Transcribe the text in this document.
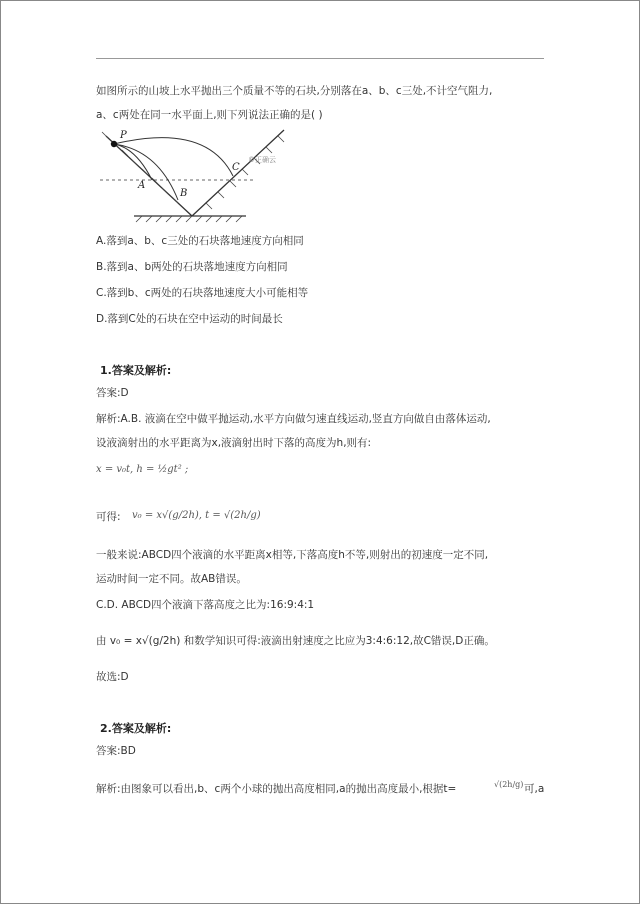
如图所示的山坡上水平抛出三个质量不等的石块,分别落在a、b、c三处,不计空气阻力,
a、c两处在同一水平面上,则下列说法正确的是( )
P
A
B
C
©正确云
A.落到a、b、c三处的石块落地速度方向相同
B.落到a、b两处的石块落地速度方向相同
C.落到b、c两处的石块落地速度大小可能相等
D.落到C处的石块在空中运动的时间最长
1.答案及解析:
答案:D
解析:A.B. 液滴在空中做平抛运动,水平方向做匀速直线运动,竖直方向做自由落体运动,
设液滴射出的水平距离为x,液滴射出时下落的高度为h,则有:
x = v₀t, h = ½gt² ;
可得: v₀ = x√(g/2h), t = √(2h/g)
一般来说:ABCD四个液滴的水平距离x相等,下落高度h不等,则射出的初速度一定不同,
运动时间一定不同。故AB错误。
C.D. ABCD四个液滴下落高度之比为:16:9:4:1
由 v₀ = x√(g/2h) 和数学知识可得:液滴出射速度之比应为3:4:6:12,故C错误,D正确。
故选:D
2.答案及解析:
答案:BD
解析:由图象可以看出,b、c两个小球的抛出高度相同,a的抛出高度最小,根据t=	√(2h/g) 可,a
